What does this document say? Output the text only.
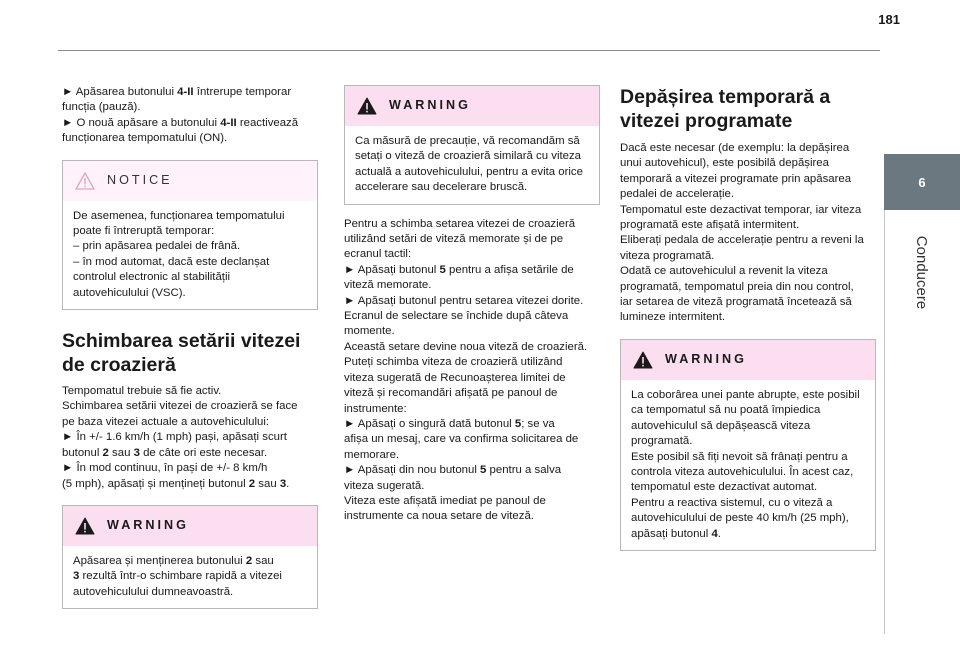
181
6
Conducere

► Apăsarea butonului 4-II întrerupe temporar

funcția (pauză).

► O nouă apăsare a butonului 4-II reactivează

funcționarea tempomatului (ON).

NOTICE

De asemenea, funcționarea tempomatului

poate fi întreruptă temporar:

– prin apăsarea pedalei de frână.

– în mod automat, dacă este declanșat

controlul electronic al stabilității

autovehiculului (VSC).

Schimbarea setării vitezei

de croazieră

Tempomatul trebuie să fie activ.

Schimbarea setării vitezei de croazieră se face

pe baza vitezei actuale a autovehiculului:

► În +/- 1.6 km/h (1 mph) pași, apăsați scurt

butonul 2 sau 3 de câte ori este necesar.

► În mod continuu, în pași de +/- 8 km/h

(5 mph), apăsați și mențineți butonul 2 sau 3.

WARNING

Apăsarea și menținerea butonului 2 sau

3 rezultă într-o schimbare rapidă a vitezei

autovehiculului dumneavoastră.

WARNING

Ca măsură de precauție, vă recomandăm să

setați o viteză de croazieră similară cu viteza

actuală a autovehiculului, pentru a evita orice

accelerare sau decelerare bruscă.

Pentru a schimba setarea vitezei de croazieră

utilizând setări de viteză memorate și de pe

ecranul tactil:

► Apăsați butonul 5 pentru a afișa setările de

viteză memorate.

► Apăsați butonul pentru setarea vitezei dorite.

Ecranul de selectare se închide după câteva

momente.

Această setare devine noua viteză de croazieră.

Puteți schimba viteza de croazieră utilizând

viteza sugerată de Recunoașterea limitei de

viteză și recomandări afișată pe panoul de

instrumente:

► Apăsați o singură dată butonul 5; se va

afișa un mesaj, care va confirma solicitarea de

memorare.

► Apăsați din nou butonul 5 pentru a salva

viteza sugerată.

Viteza este afișată imediat pe panoul de

instrumente ca noua setare de viteză.

Depășirea temporară a

vitezei programate

Dacă este necesar (de exemplu: la depășirea

unui autovehicul), este posibilă depășirea

temporară a vitezei programate prin apăsarea

pedalei de accelerație.

Tempomatul este dezactivat temporar, iar viteza

programată este afișată intermitent.

Eliberați pedala de accelerație pentru a reveni la

viteza programată.

Odată ce autovehiculul a revenit la viteza

programată, tempomatul preia din nou control,

iar setarea de viteză programată încetează să

lumineze intermitent.

WARNING

La coborârea unei pante abrupte, este posibil

ca tempomatul să nu poată împiedica

autovehiculul să depășească viteza

programată.

Este posibil să fiți nevoit să frânați pentru a

controla viteza autovehiculului. În acest caz,

tempomatul este dezactivat automat.

Pentru a reactiva sistemul, cu o viteză a

autovehiculului de peste 40 km/h (25 mph),

apăsați butonul 4.
